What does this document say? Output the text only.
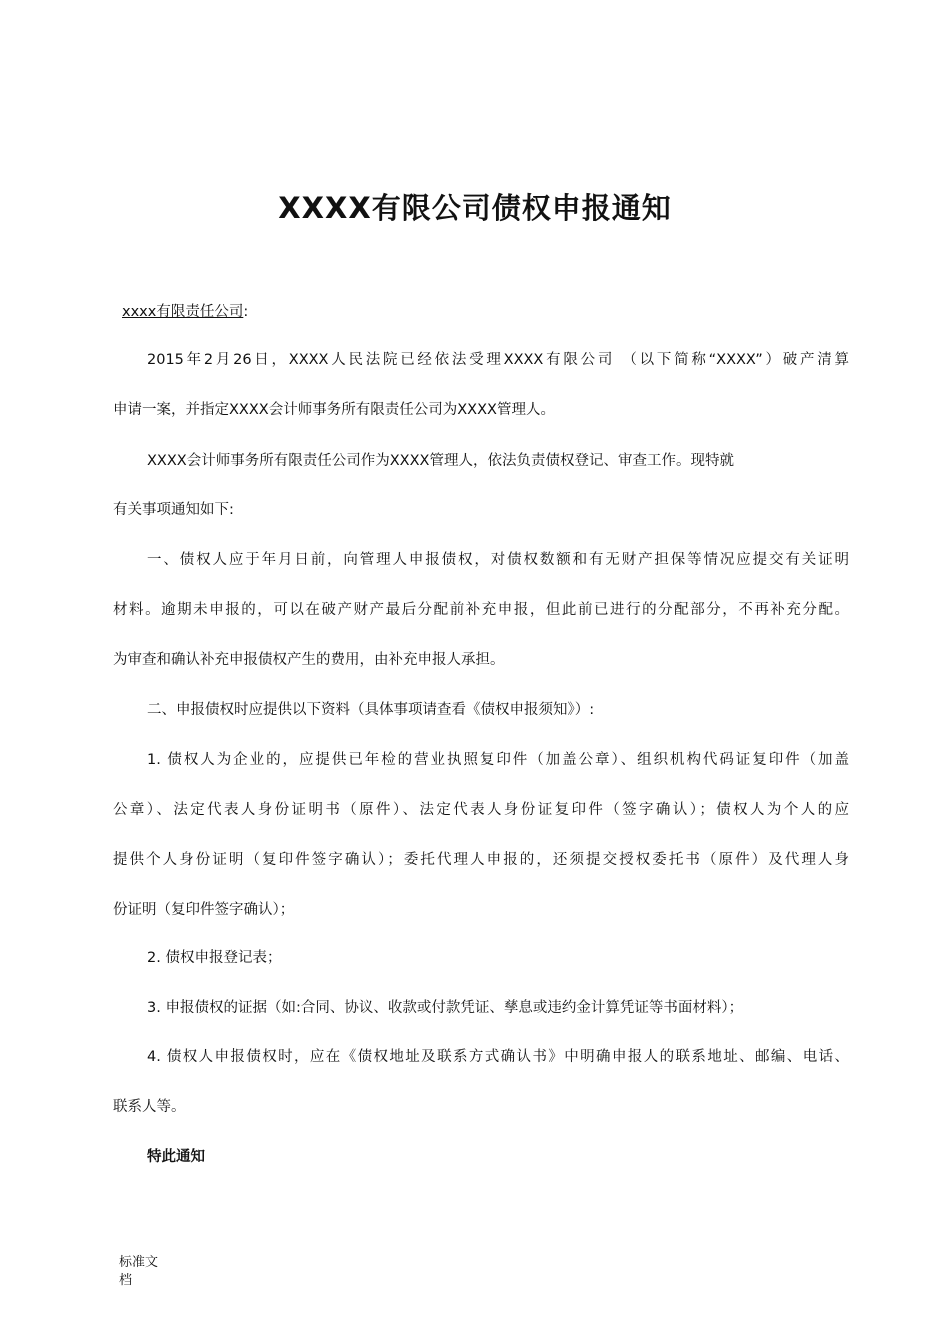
XXXX有限公司债权申报通知
xxxx有限责任公司:
2015年2月26日，XXXX人民法院已经依法受理XXXX有限公司 （以下简称“XXXX”）破产清算
申请一案，并指定XXXX会计师事务所有限责任公司为XXXX管理人。
XXXX会计师事务所有限责任公司作为XXXX管理人，依法负责债权登记、审查工作。现特就
有关事项通知如下:
一、债权人应于年月日前，向管理人申报债权，对债权数额和有无财产担保等情况应提交有关证明
材料。逾期未申报的，可以在破产财产最后分配前补充申报，但此前已进行的分配部分，不再补充分配。
为审查和确认补充申报债权产生的费用，由补充申报人承担。
二、申报债权时应提供以下资料（具体事项请查看《债权申报须知》）:
1. 债权人为企业的，应提供已年检的营业执照复印件（加盖公章）、组织机构代码证复印件（加盖
公章）、法定代表人身份证明书（原件）、法定代表人身份证复印件（签字确认）；债权人为个人的应
提供个人身份证明（复印件签字确认）；委托代理人申报的，还须提交授权委托书（原件）及代理人身
份证明（复印件签字确认）；
2. 债权申报登记表；
3. 申报债权的证据（如:合同、协议、收款或付款凭证、孳息或违约金计算凭证等书面材料）；
4. 债权人申报债权时，应在《债权地址及联系方式确认书》中明确申报人的联系地址、邮编、电话、
联系人等。
特此通知
标准文档
